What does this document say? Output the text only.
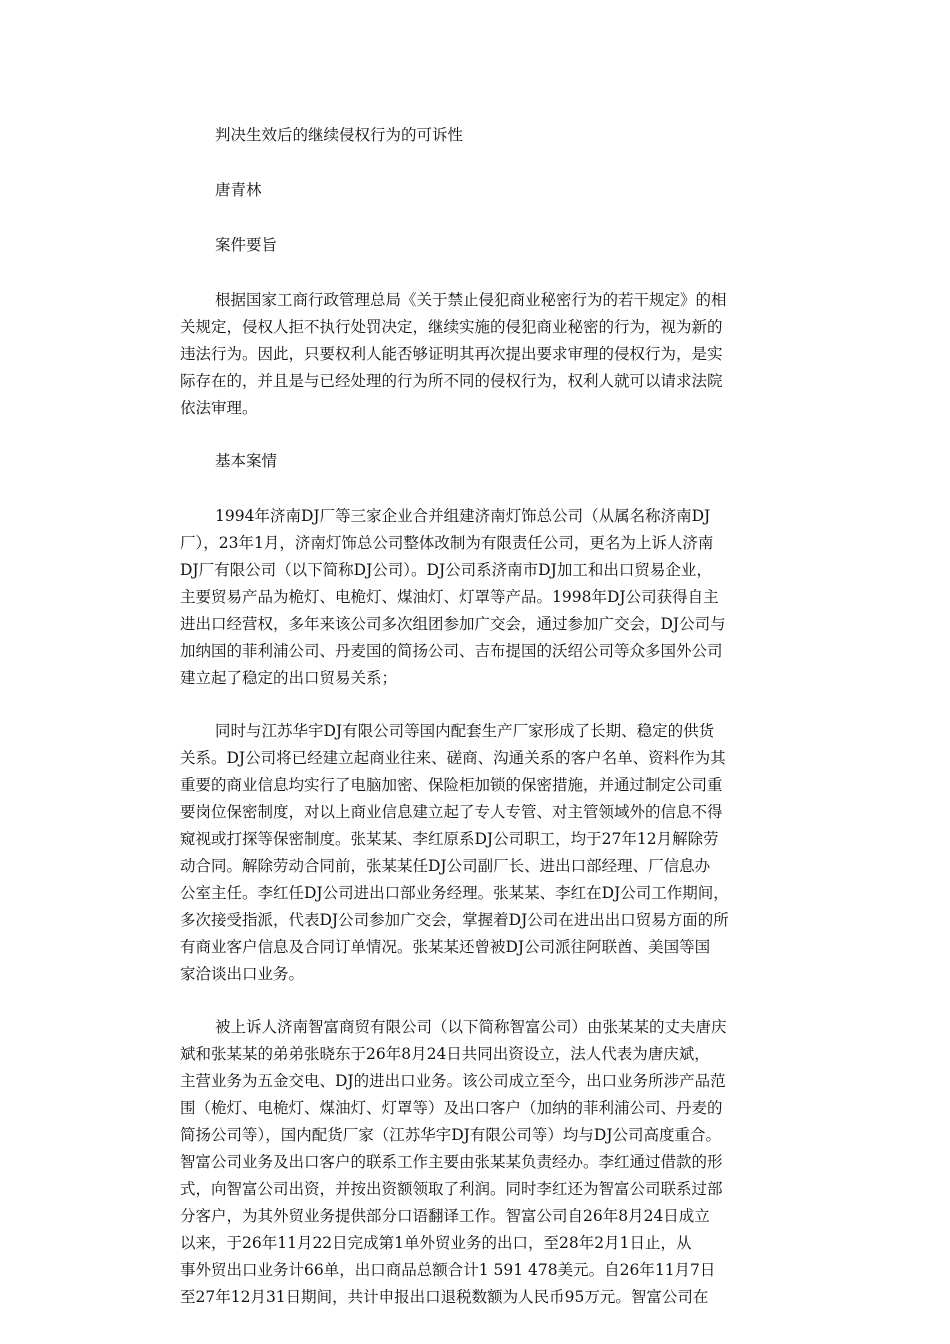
判决生效后的继续侵权行为的可诉性
唐青林
案件要旨
根据国家工商行政管理总局《关于禁止侵犯商业秘密行为的若干规定》的相
关规定，侵权人拒不执行处罚决定，继续实施的侵犯商业秘密的行为，视为新的
违法行为。因此，只要权利人能否够证明其再次提出要求审理的侵权行为，是实
际存在的，并且是与已经处理的行为所不同的侵权行为，权利人就可以请求法院
依法审理。
基本案情
1994年济南DJ厂等三家企业合并组建济南灯饰总公司（从属名称济南DJ
厂），23年1月，济南灯饰总公司整体改制为有限责任公司，更名为上诉人济南
DJ厂有限公司（以下简称DJ公司）。DJ公司系济南市DJ加工和出口贸易企业，
主要贸易产品为桅灯、电桅灯、煤油灯、灯罩等产品。1998年DJ公司获得自主
进出口经营权，多年来该公司多次组团参加广交会，通过参加广交会，DJ公司与
加纳国的菲利浦公司、丹麦国的简扬公司、吉布提国的沃绍公司等众多国外公司
建立起了稳定的出口贸易关系；
同时与江苏华宇DJ有限公司等国内配套生产厂家形成了长期、稳定的供货
关系。DJ公司将已经建立起商业往来、磋商、沟通关系的客户名单、资料作为其
重要的商业信息均实行了电脑加密、保险柜加锁的保密措施，并通过制定公司重
要岗位保密制度，对以上商业信息建立起了专人专管、对主管领域外的信息不得
窥视或打探等保密制度。张某某、李红原系DJ公司职工，均于27年12月解除劳
动合同。解除劳动合同前，张某某任DJ公司副厂长、进出口部经理、厂信息办
公室主任。李红任DJ公司进出口部业务经理。张某某、李红在DJ公司工作期间，
多次接受指派，代表DJ公司参加广交会，掌握着DJ公司在进出出口贸易方面的所
有商业客户信息及合同订单情况。张某某还曾被DJ公司派往阿联酋、美国等国
家洽谈出口业务。
被上诉人济南智富商贸有限公司（以下简称智富公司）由张某某的丈夫唐庆
斌和张某某的弟弟张晓东于26年8月24日共同出资设立，法人代表为唐庆斌，
主营业务为五金交电、DJ的进出口业务。该公司成立至今，出口业务所涉产品范
围（桅灯、电桅灯、煤油灯、灯罩等）及出口客户（加纳的菲利浦公司、丹麦的
简扬公司等），国内配货厂家（江苏华宇DJ有限公司等）均与DJ公司高度重合。
智富公司业务及出口客户的联系工作主要由张某某负责经办。李红通过借款的形
式，向智富公司出资，并按出资额领取了利润。同时李红还为智富公司联系过部
分客户，为其外贸业务提供部分口语翻译工作。智富公司自26年8月24日成立
以来，于26年11月22日完成第1单外贸业务的出口，至28年2月1日止，从
事外贸出口业务计66单，出口商品总额合计1 591 478美元。自26年11月7日
至27年12月31日期间，共计申报出口退税数额为人民币95万元。智富公司在
